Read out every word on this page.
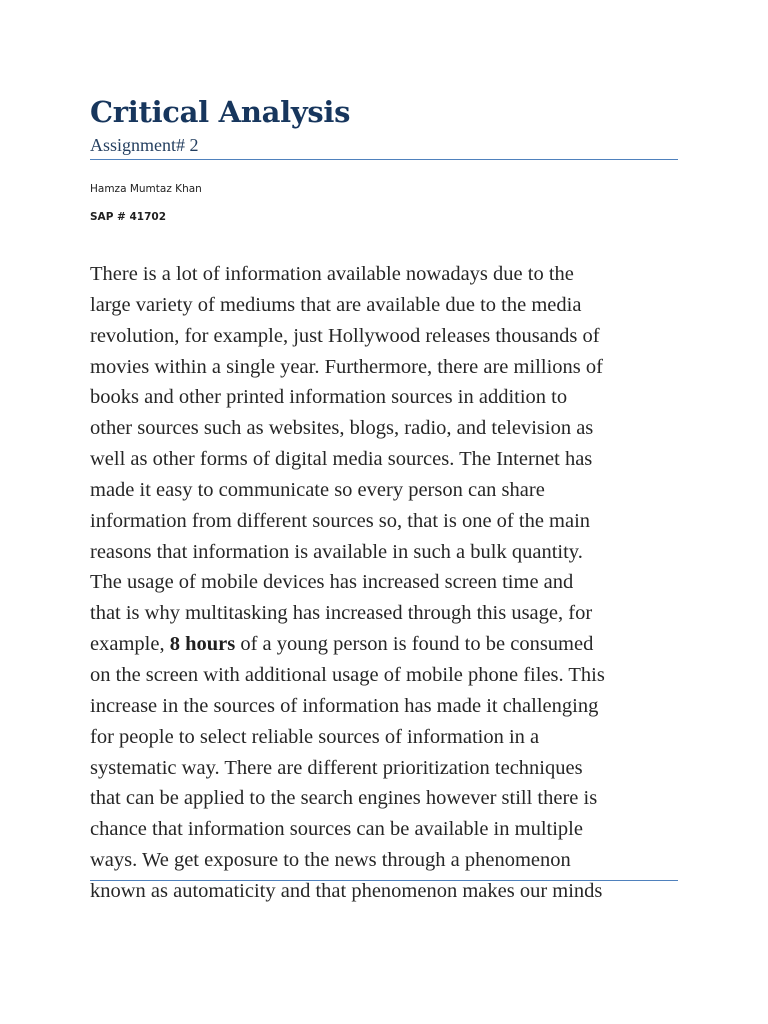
Critical Analysis
Assignment# 2
Hamza Mumtaz Khan
SAP # 41702
There is a lot of information available nowadays due to the
large variety of mediums that are available due to the media
revolution, for example, just Hollywood releases thousands of
movies within a single year. Furthermore, there are millions of
books and other printed information sources in addition to
other sources such as websites, blogs, radio, and television as
well as other forms of digital media sources. The Internet has
made it easy to communicate so every person can share
information from different sources so, that is one of the main
reasons that information is available in such a bulk quantity.
The usage of mobile devices has increased screen time and
that is why multitasking has increased through this usage, for
example, 8 hours of a young person is found to be consumed
on the screen with additional usage of mobile phone files. This
increase in the sources of information has made it challenging
for people to select reliable sources of information in a
systematic way. There are different prioritization techniques
that can be applied to the search engines however still there is
chance that information sources can be available in multiple
ways. We get exposure to the news through a phenomenon
known as automaticity and that phenomenon makes our minds
